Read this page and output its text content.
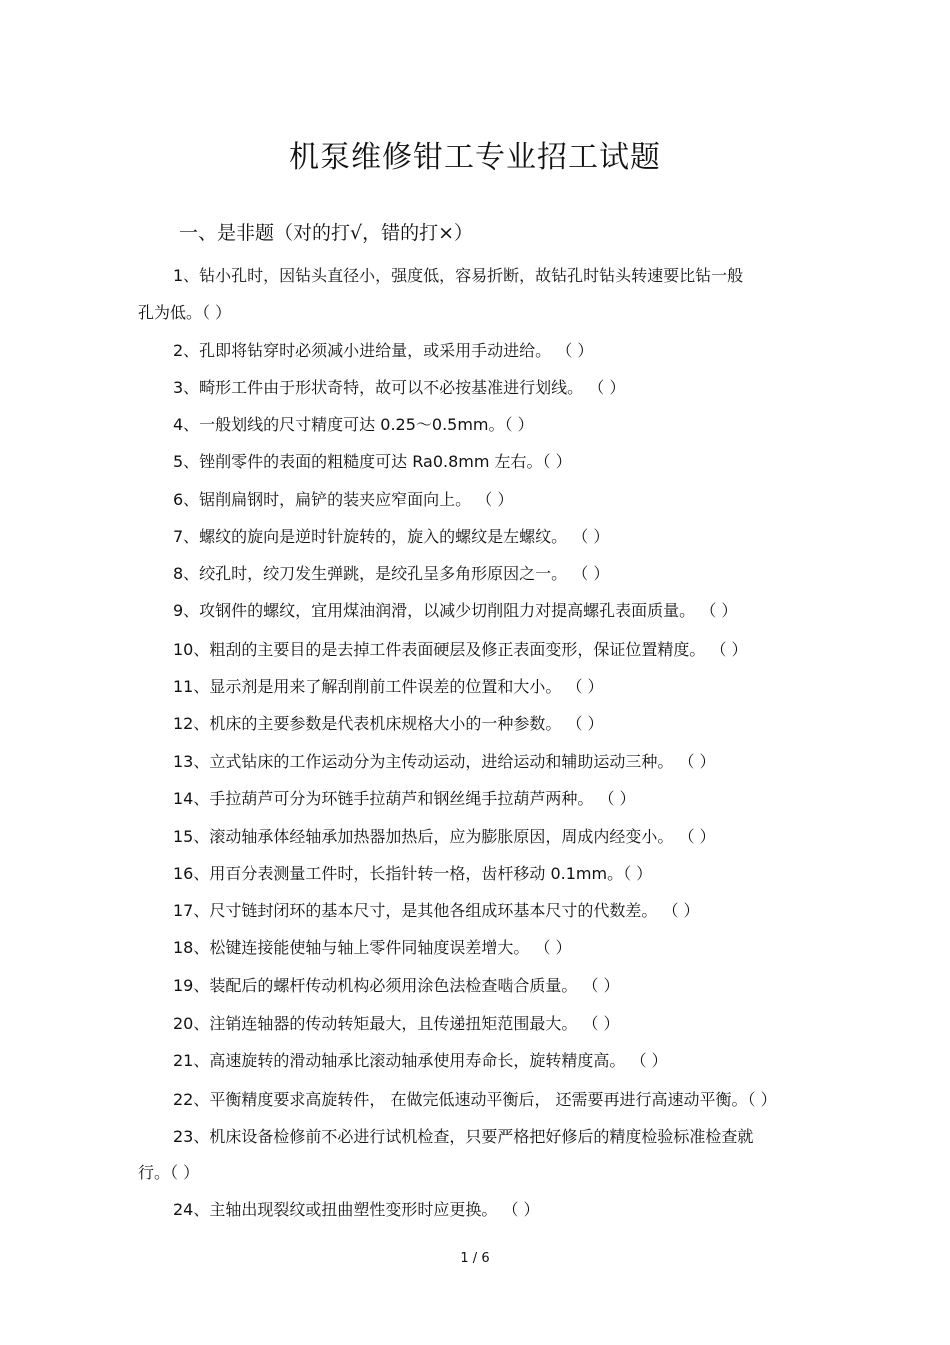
机泵维修钳工专业招工试题
一、是非题（对的打√，错的打×）
1、钻小孔时，因钻头直径小，强度低，容易折断，故钻孔时钻头转速要比钻一般
孔为低。（ ）
2、孔即将钻穿时必须减小进给量，或采用手动进给。 （ ）
3、畸形工件由于形状奇特，故可以不必按基准进行划线。 （ ）
4、一般划线的尺寸精度可达 0.25～0.5mm。（ ）
5、锉削零件的表面的粗糙度可达 Ra0.8mm 左右。（ ）
6、锯削扁钢时，扁铲的装夹应窄面向上。 （ ）
7、螺纹的旋向是逆时针旋转的，旋入的螺纹是左螺纹。 （ ）
8、绞孔时，绞刀发生弹跳，是绞孔呈多角形原因之一。 （ ）
9、攻钢件的螺纹，宜用煤油润滑，以减少切削阻力对提高螺孔表面质量。 （ ）
10、粗刮的主要目的是去掉工件表面硬层及修正表面变形，保证位置精度。 （ ）
11、显示剂是用来了解刮削前工件误差的位置和大小。 （ ）
12、机床的主要参数是代表机床规格大小的一种参数。 （ ）
13、立式钻床的工作运动分为主传动运动，进给运动和辅助运动三种。 （ ）
14、手拉葫芦可分为环链手拉葫芦和钢丝绳手拉葫芦两种。 （ ）
15、滚动轴承体经轴承加热器加热后，应为膨胀原因，周成内经变小。 （ ）
16、用百分表测量工件时，长指针转一格，齿杆移动 0.1mm。（ ）
17、尺寸链封闭环的基本尺寸，是其他各组成环基本尺寸的代数差。 （ ）
18、松键连接能使轴与轴上零件同轴度误差增大。 （ ）
19、装配后的螺杆传动机构必须用涂色法检查啮合质量。 （ ）
20、注销连轴器的传动转矩最大，且传递扭矩范围最大。 （ ）
21、高速旋转的滑动轴承比滚动轴承使用寿命长，旋转精度高。 （ ）
22、平衡精度要求高旋转件， 在做完低速动平衡后， 还需要再进行高速动平衡。（ ）
23、机床设备检修前不必进行试机检查，只要严格把好修后的精度检验标准检查就
行。（ ）
24、主轴出现裂纹或扭曲塑性变形时应更换。 （ ）
1 / 6
